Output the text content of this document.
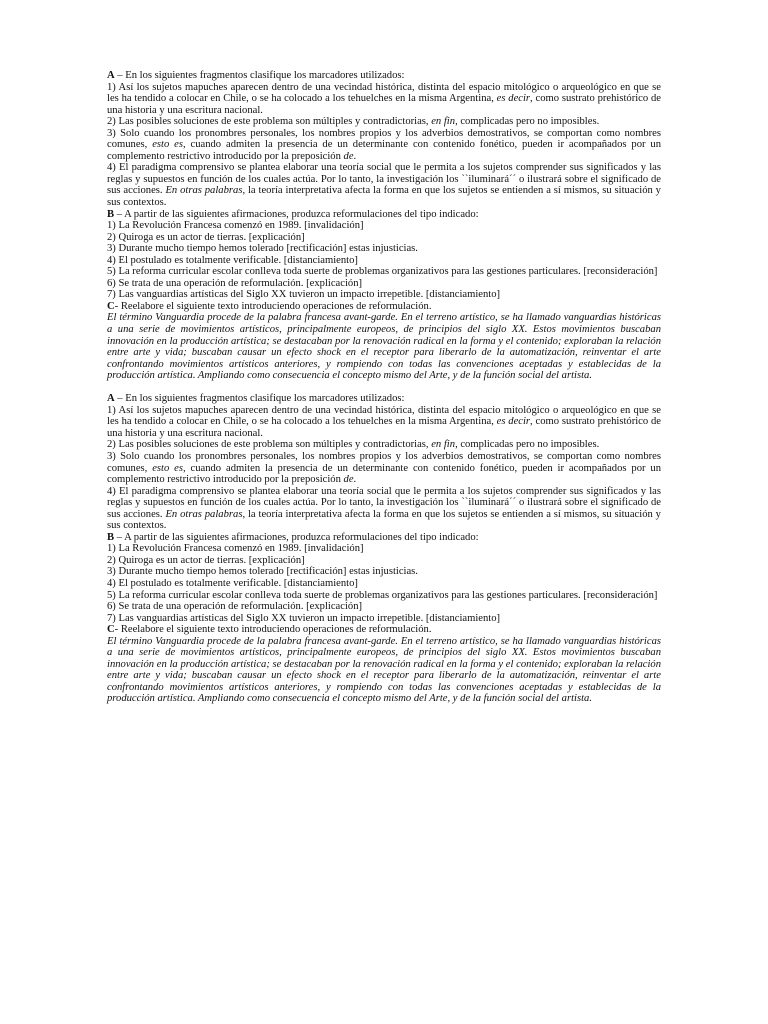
A – En los siguientes fragmentos clasifique los marcadores utilizados:
1) Así los sujetos mapuches aparecen dentro de una vecindad histórica, distinta del espacio mitológico o arqueológico en que se les ha tendido a colocar en Chile, o se ha colocado a los tehuelches en la misma Argentina, es decir, como sustrato prehistórico de una historia y una escritura nacional.
2) Las posibles soluciones de este problema son múltiples y contradictorias, en fin, complicadas pero no imposibles.
3) Solo cuando los pronombres personales, los nombres propios y los adverbios demostrativos, se comportan como nombres comunes, esto es, cuando admiten la presencia de un determinante con contenido fonético, pueden ir acompañados por un complemento restrictivo introducido por la preposición de.
4) El paradigma comprensivo se plantea elaborar una teoría social que le permita a los sujetos comprender sus significados y las reglas y supuestos en función de los cuales actúa. Por lo tanto, la investigación los ``iluminará´´ o ilustrará sobre el significado de sus acciones. En otras palabras, la teoría interpretativa afecta la forma en que los sujetos se entienden a sí mismos, su situación y sus contextos.
B – A partir de las siguientes afirmaciones, produzca reformulaciones del tipo indicado:
1) La Revolución Francesa comenzó en 1989. [invalidación]
2) Quiroga es un actor de tierras. [explicación]
3) Durante mucho tiempo hemos tolerado [rectificación] estas injusticias.
4) El postulado es totalmente verificable. [distanciamiento]
5) La reforma curricular escolar conlleva toda suerte de problemas organizativos para las gestiones particulares. [reconsideración]
6) Se trata de una operación de reformulación. [explicación]
7) Las vanguardias artísticas del Siglo XX tuvieron un impacto irrepetible. [distanciamiento]
C- Reelabore el siguiente texto introduciendo operaciones de reformulación.
El término Vanguardia procede de la palabra francesa avant-garde. En el terreno artístico, se ha llamado vanguardias históricas a una serie de movimientos artísticos, principalmente europeos, de principios del siglo XX. Estos movimientos buscaban innovación en la producción artística; se destacaban por la renovación radical en la forma y el contenido; exploraban la relación entre arte y vida; buscaban causar un efecto shock en el receptor para liberarlo de la automatización, reinventar el arte confrontando movimientos artísticos anteriores, y rompiendo con todas las convenciones aceptadas y establecidas de la producción artística. Ampliando como consecuencia el concepto mismo del Arte, y de la función social del artista.
A – En los siguientes fragmentos clasifique los marcadores utilizados:
1) Así los sujetos mapuches aparecen dentro de una vecindad histórica, distinta del espacio mitológico o arqueológico en que se les ha tendido a colocar en Chile, o se ha colocado a los tehuelches en la misma Argentina, es decir, como sustrato prehistórico de una historia y una escritura nacional.
2) Las posibles soluciones de este problema son múltiples y contradictorias, en fin, complicadas pero no imposibles.
3) Solo cuando los pronombres personales, los nombres propios y los adverbios demostrativos, se comportan como nombres comunes, esto es, cuando admiten la presencia de un determinante con contenido fonético, pueden ir acompañados por un complemento restrictivo introducido por la preposición de.
4) El paradigma comprensivo se plantea elaborar una teoría social que le permita a los sujetos comprender sus significados y las reglas y supuestos en función de los cuales actúa. Por lo tanto, la investigación los ``iluminará´´ o ilustrará sobre el significado de sus acciones. En otras palabras, la teoría interpretativa afecta la forma en que los sujetos se entienden a sí mismos, su situación y sus contextos.
B – A partir de las siguientes afirmaciones, produzca reformulaciones del tipo indicado:
1) La Revolución Francesa comenzó en 1989. [invalidación]
2) Quiroga es un actor de tierras. [explicación]
3) Durante mucho tiempo hemos tolerado [rectificación] estas injusticias.
4) El postulado es totalmente verificable. [distanciamiento]
5) La reforma curricular escolar conlleva toda suerte de problemas organizativos para las gestiones particulares. [reconsideración]
6) Se trata de una operación de reformulación. [explicación]
7) Las vanguardias artísticas del Siglo XX tuvieron un impacto irrepetible. [distanciamiento]
C- Reelabore el siguiente texto introduciendo operaciones de reformulación.
El término Vanguardia procede de la palabra francesa avant-garde. En el terreno artístico, se ha llamado vanguardias históricas a una serie de movimientos artísticos, principalmente europeos, de principios del siglo XX. Estos movimientos buscaban innovación en la producción artística; se destacaban por la renovación radical en la forma y el contenido; exploraban la relación entre arte y vida; buscaban causar un efecto shock en el receptor para liberarlo de la automatización, reinventar el arte confrontando movimientos artísticos anteriores, y rompiendo con todas las convenciones aceptadas y establecidas de la producción artística. Ampliando como consecuencia el concepto mismo del Arte, y de la función social del artista.
